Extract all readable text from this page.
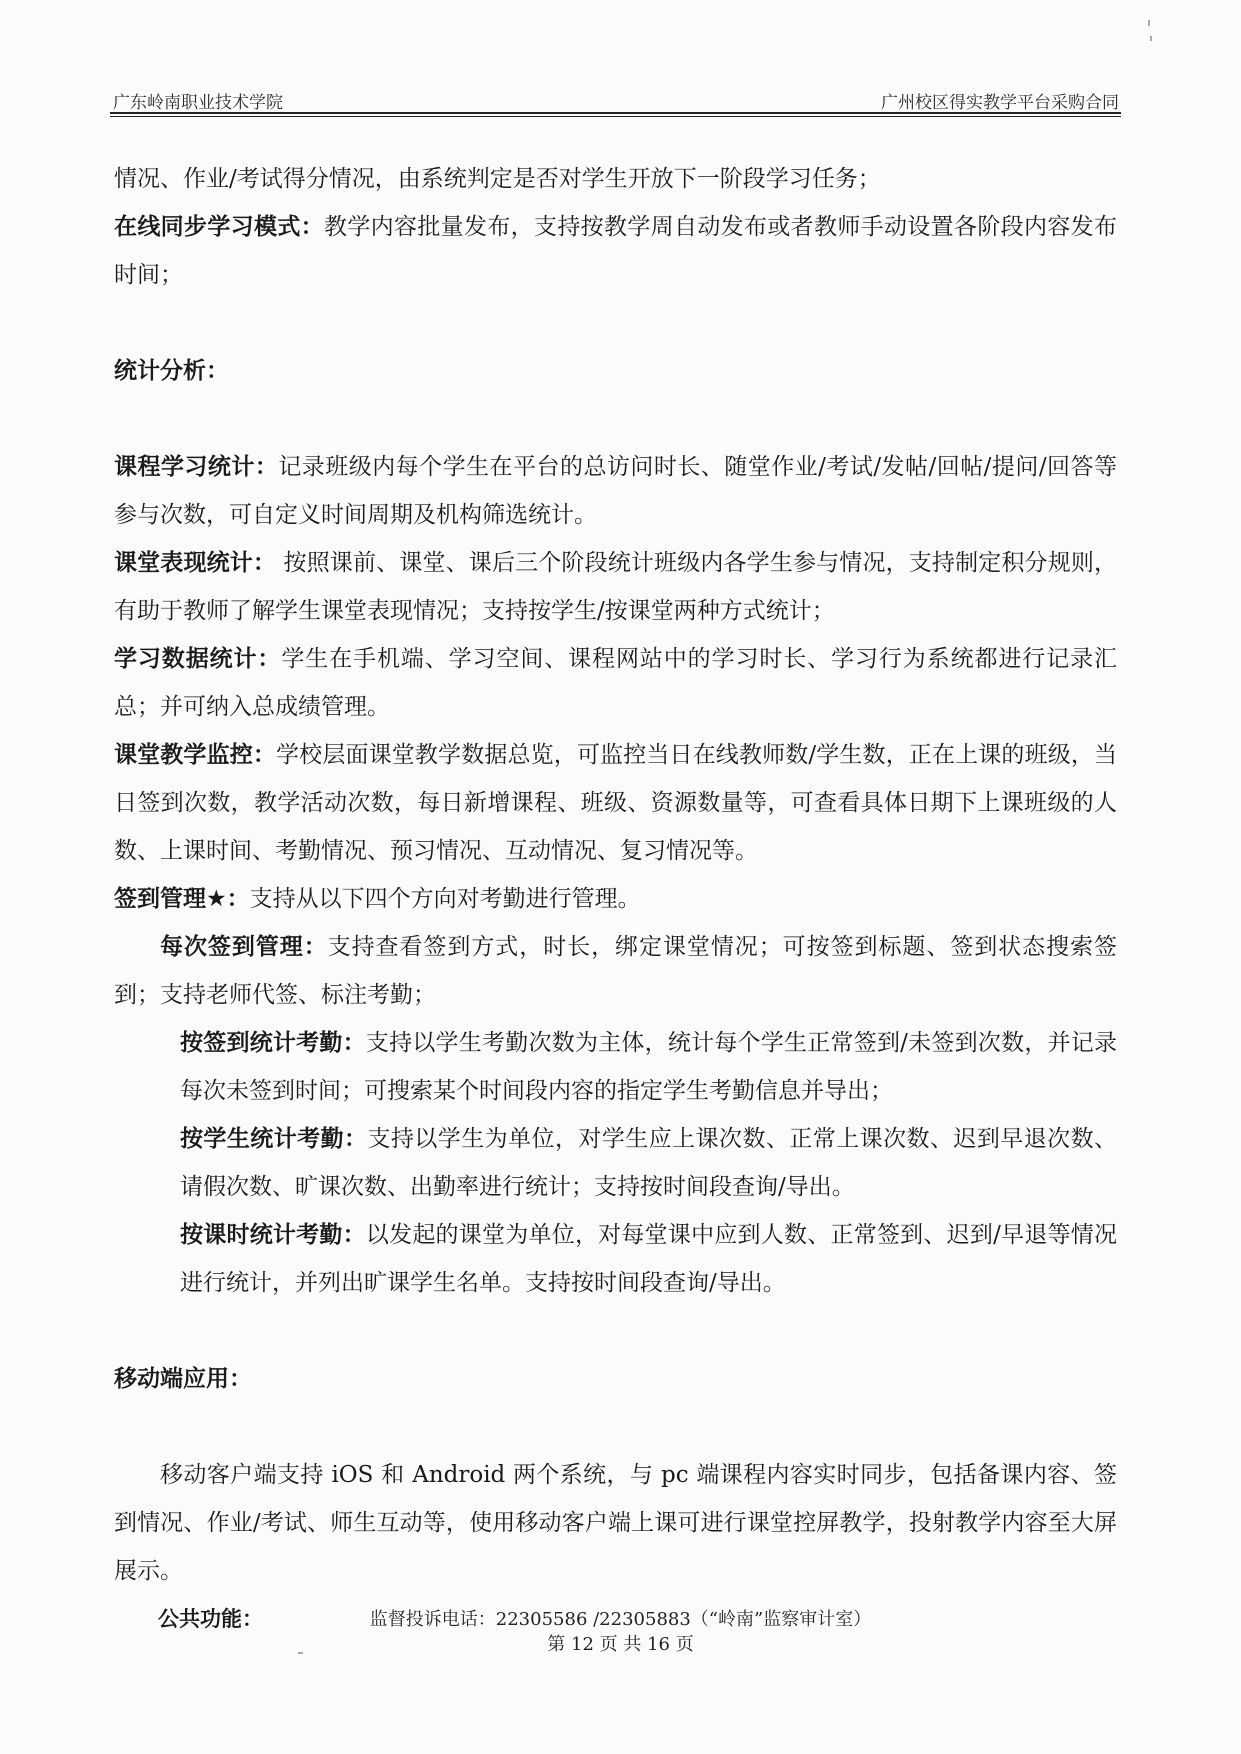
广东岭南职业技术学院	广州校区得实教学平台采购合同

情况、作业/考试得分情况，由系统判定是否对学生开放下一阶段学习任务；

在线同步学习模式：教学内容批量发布，支持按教学周自动发布或者教师手动设置各阶段内容发布时间；

统计分析：

课程学习统计：记录班级内每个学生在平台的总访问时长、随堂作业/考试/发帖/回帖/提问/回答等参与次数，可自定义时间周期及机构筛选统计。

课堂表现统计： 按照课前、课堂、课后三个阶段统计班级内各学生参与情况，支持制定积分规则，有助于教师了解学生课堂表现情况；支持按学生/按课堂两种方式统计；

学习数据统计：学生在手机端、学习空间、课程网站中的学习时长、学习行为系统都进行记录汇总；并可纳入总成绩管理。

课堂教学监控：学校层面课堂教学数据总览，可监控当日在线教师数/学生数，正在上课的班级，当日签到次数，教学活动次数，每日新增课程、班级、资源数量等，可查看具体日期下上课班级的人数、上课时间、考勤情况、预习情况、互动情况、复习情况等。

签到管理★：支持从以下四个方向对考勤进行管理。

每次签到管理：支持查看签到方式，时长，绑定课堂情况；可按签到标题、签到状态搜索签到；支持老师代签、标注考勤；

按签到统计考勤：支持以学生考勤次数为主体，统计每个学生正常签到/未签到次数，并记录每次未签到时间；可搜索某个时间段内容的指定学生考勤信息并导出；

按学生统计考勤：支持以学生为单位，对学生应上课次数、正常上课次数、迟到早退次数、请假次数、旷课次数、出勤率进行统计；支持按时间段查询/导出。

按课时统计考勤：以发起的课堂为单位，对每堂课中应到人数、正常签到、迟到/早退等情况进行统计，并列出旷课学生名单。支持按时间段查询/导出。

移动端应用：

移动客户端支持 iOS 和 Android 两个系统，与 pc 端课程内容实时同步，包括备课内容、签到情况、作业/考试、师生互动等，使用移动客户端上课可进行课堂控屏教学，投射教学内容至大屏展示。

公共功能：	监督投诉电话：22305586 /22305883（“岭南”监察审计室）
第 12 页 共 16 页
